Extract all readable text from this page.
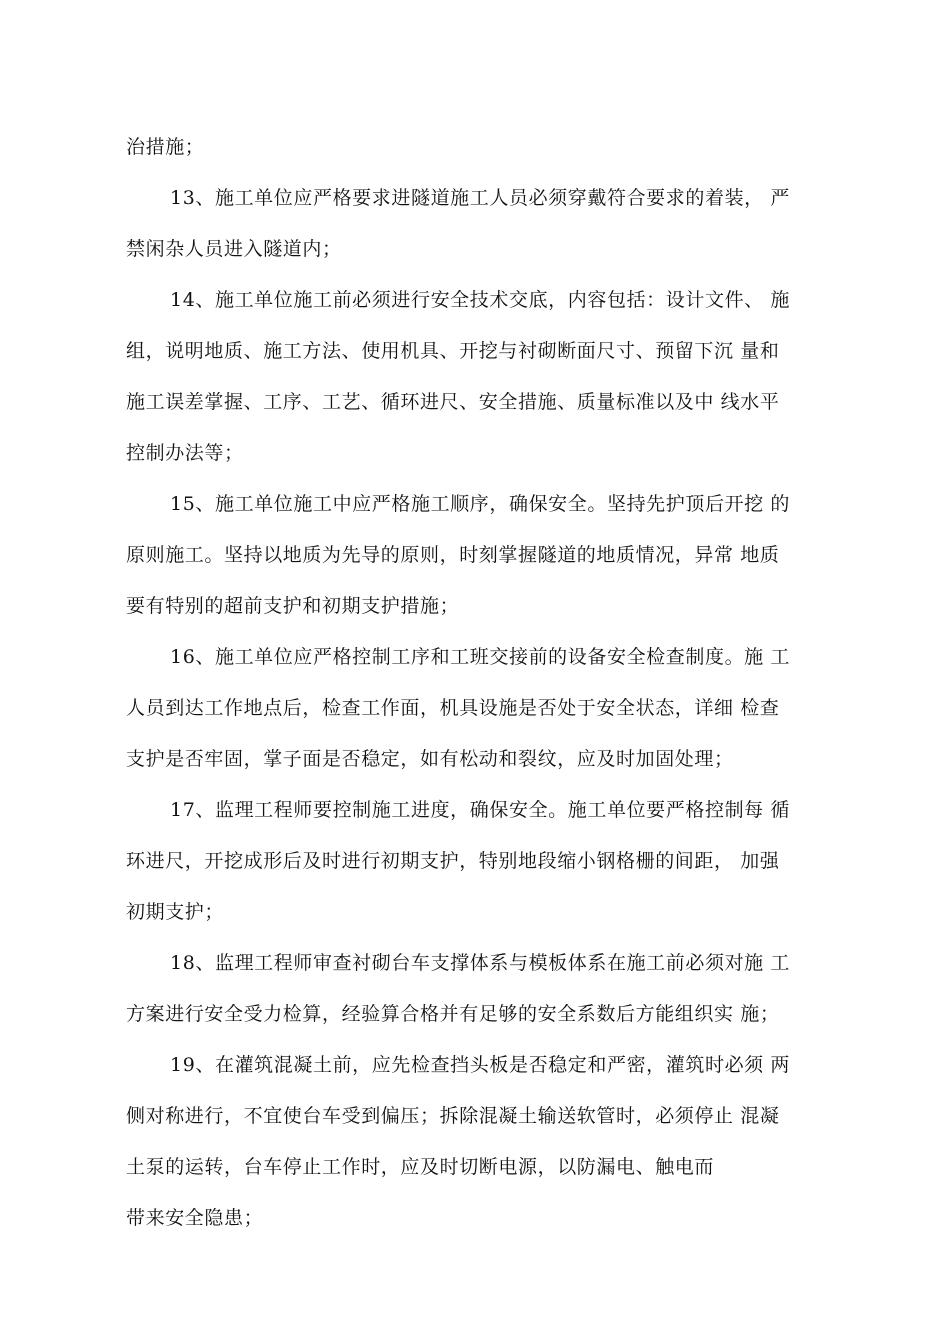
治措施；
13、施工单位应严格要求进隧道施工人员必须穿戴符合要求的着装， 严
禁闲杂人员进入隧道内；
14、施工单位施工前必须进行安全技术交底，内容包括：设计文件、 施
组，说明地质、施工方法、使用机具、开挖与衬砌断面尺寸、预留下沉 量和
施工误差掌握、工序、工艺、循环进尺、安全措施、质量标准以及中 线水平
控制办法等；
15、施工单位施工中应严格施工顺序，确保安全。坚持先护顶后开挖 的
原则施工。坚持以地质为先导的原则，时刻掌握隧道的地质情况，异常 地质
要有特别的超前支护和初期支护措施；
16、施工单位应严格控制工序和工班交接前的设备安全检查制度。施 工
人员到达工作地点后，检查工作面，机具设施是否处于安全状态，详细 检查
支护是否牢固，掌子面是否稳定，如有松动和裂纹，应及时加固处理；
17、监理工程师要控制施工进度，确保安全。施工单位要严格控制每 循
环进尺，开挖成形后及时进行初期支护，特别地段缩小钢格栅的间距， 加强
初期支护；
18、监理工程师审查衬砌台车支撑体系与模板体系在施工前必须对施 工
方案进行安全受力检算，经验算合格并有足够的安全系数后方能组织实 施；
19、在灌筑混凝土前，应先检查挡头板是否稳定和严密，灌筑时必须 两
侧对称进行，不宜使台车受到偏压；拆除混凝土输送软管时，必须停止 混凝
土泵的运转，台车停止工作时，应及时切断电源，以防漏电、触电而
带来安全隐患；
